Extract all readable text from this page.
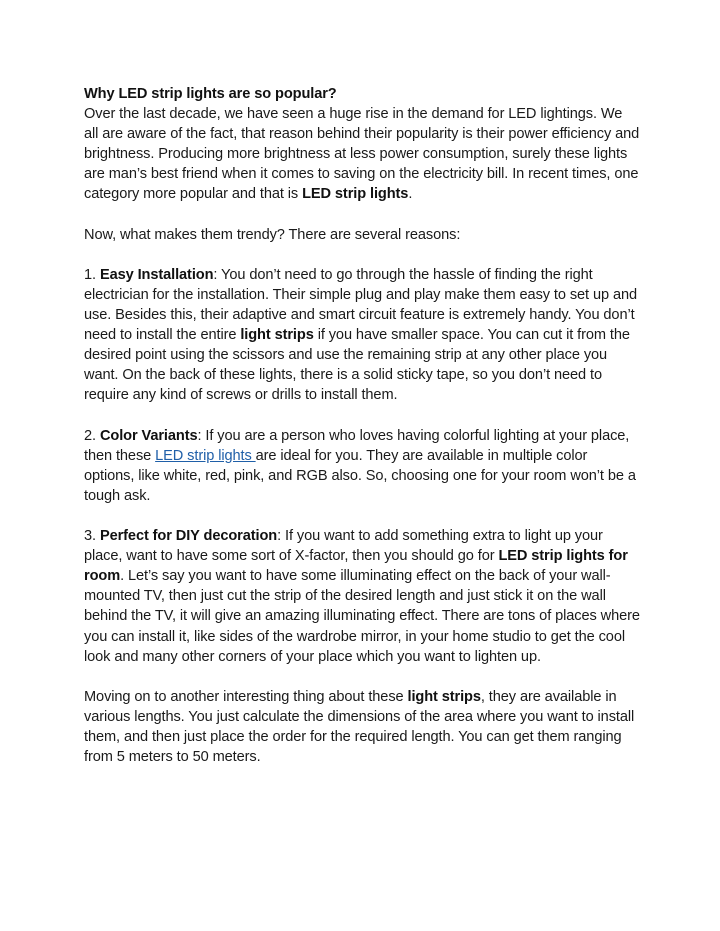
Why LED strip lights are so popular?

Over the last decade, we have seen a huge rise in the demand for LED lightings. We all are aware of the fact, that reason behind their popularity is their power efficiency and brightness. Producing more brightness at less power consumption, surely these lights are man’s best friend when it comes to saving on the electricity bill. In recent times, one category more popular and that is LED strip lights.

Now, what makes them trendy? There are several reasons:

1. Easy Installation: You don’t need to go through the hassle of finding the right electrician for the installation. Their simple plug and play make them easy to set up and use. Besides this, their adaptive and smart circuit feature is extremely handy. You don’t need to install the entire light strips if you have smaller space. You can cut it from the desired point using the scissors and use the remaining strip at any other place you want. On the back of these lights, there is a solid sticky tape, so you don’t need to require any kind of screws or drills to install them.

2. Color Variants: If you are a person who loves having colorful lighting at your place, then these LED strip lights are ideal for you. They are available in multiple color options, like white, red, pink, and RGB also. So, choosing one for your room won’t be a tough ask.

3. Perfect for DIY decoration: If you want to add something extra to light up your place, want to have some sort of X-factor, then you should go for LED strip lights for room. Let’s say you want to have some illuminating effect on the back of your wall-mounted TV, then just cut the strip of the desired length and just stick it on the wall behind the TV, it will give an amazing illuminating effect. There are tons of places where you can install it, like sides of the wardrobe mirror, in your home studio to get the cool look and many other corners of your place which you want to lighten up.

Moving on to another interesting thing about these light strips, they are available in various lengths. You just calculate the dimensions of the area where you want to install them, and then just place the order for the required length. You can get them ranging from 5 meters to 50 meters.
